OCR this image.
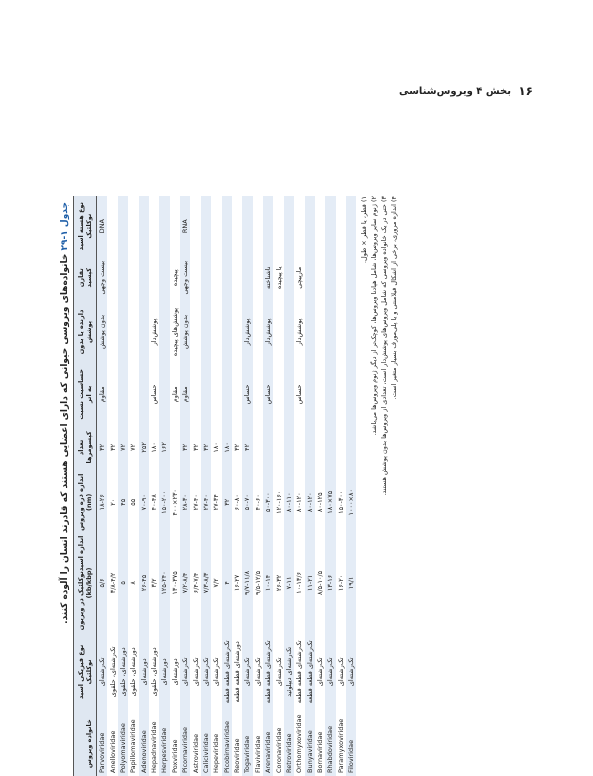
بخش ۴ ویروس‌شناسی ۱۶
جدول ۱-۲۹ خانواده‌های ویروسی حیوانی که دارای اعضایی هستند که قادرند انسان را آلوده کنند.
نوع هسته اسید نوکلئیک	تقارن کپسید	دارنده یا بدون پوشش	حساسیت نسبت به اتر	تعداد کپسومرها	اندازه ذره ویروس (nm)	اندازه اسیدنوکلئیک در ویریون (kb/kbp)	نوع فیزیکی اسید نوکلئیک	خانواده ویروس
DNA	بیست وجهی	بدون پوشش	مقاوم	۳۲	۱۸-۲۶	۵/۶	تک‌رشته‌ای	Parvoviridae
				۳۲	۲۰	۳/۸-۴/۲	تک‌رشته‌ای، حلقوی	Anelloviridae
				۷۲	۴۵	۵	دورشته‌ای، حلقوی	Polyomaviridae
				۷۲	۵۵	۸	دورشته‌ای، حلقوی	Papillomaviridae
				۲۵۲	۷۰-۹۰	۲۶-۴۵	دورشته‌ای	Adenoviridae
		پوشش‌دار	حساس	۱۸۰	۴۰-۴۸	۳/۲	دورشته‌ای، حلقوی	Hepadnaviridae
				۱۶۲	۱۵۰-۲۰۰	۱۲۵-۲۴۰	دورشته‌ای	Herpesviridae
	پیچیده	پوشش‌های پیچیده	مقاوم		۲۳۰×۴۰۰	۱۳۰-۳۷۵	دورشته‌ای	Poxviridae
RNA	بیست وجهی	بدون پوشش	مقاوم	۳۲	۲۸-۳۰	۷/۲-۸/۴	تک‌رشته‌ای	Picornaviridae
				۳۲	۲۷-۴۰	۶/۴-۷/۴	تک‌رشته‌ای	Astroviridae
				۳۲	۲۷-۴۰	۷/۳-۸/۳	تک‌رشته‌ای	Caliciviridae
				۱۸۰	۲۷-۳۴	۷/۲	تک‌رشته‌ای	Hepeviridae
				۱۸۰	۳۲	۴	تک‌رشته‌ای قطعه قطعه	Picobirnaviridae
				۳۲	۶۰-۸۰	۱۶-۲۷	دورشته‌ای قطعه قطعه	Reoviridae
		پوشش‌دار	حساس	۴۲	۵۰-۷۰	۹/۷-۱۱/۸	تک‌رشته‌ای	Togaviridae
					۴۰-۶۰	۹/۵-۱۲/۵	تک‌رشته‌ای	Flaviviridae
	ناشناخته	پوشش‌دار	حساس		۵۰-۳۰۰	۱۰-۱۴	تک‌رشته‌ای قطعه قطعه	Arenaviridae
	یا پیچیده				۱۲۰-۱۶۰	۲۶-۳۲	تک‌رشته‌ای	Coronaviridae
					۸۰-۱۱۰	۷-۱۱	تک‌رشته‌ای دیپلوئید	Retroviridae
	مارپیچی	پوشش‌دار	حساس		۸۰-۱۲۰	۱۰-۱۳/۶	تک‌رشته‌ای قطعه قطعه	Orthomyxoviridae
					۸۰-۱۲۰	۱۱-۲۱	تک‌رشته‌ای قطعه قطعه	Bunyaviridae
					۸۰-۱۲۵	۸/۵-۱۰/۵	تک‌رشته‌ای	Bornaviridae
					۷۵×۱۸۰	۱۳-۱۶	تک‌رشته‌ای	Rhabdoviridae
					۱۵۰-۳۰۰	۱۶-۲۰	تک‌رشته‌ای	Paramyxoviridae
					۸۰×۱۰۰۰	۱۹/۱	تک‌رشته‌ای	Filoviridae
۱) قطر، یا قطر × طول.
۲) ژنوم سایر ویروس‌ها، شامل هپادنا ویروس‌ها، کوچک‌تر از دیگر ژنوم ویروس‌ها می‌باشد.
۳) حتی در یک خانواده ویروسی که شامل ویروس‌های پوشش‌دار است، تعدادی از ویروس‌ها بدون پوشش هستند.
۴) اندازه مروری، برخی از اشکال فیلامنتی و یا پلی‌مورف بسیار متغیر است.
